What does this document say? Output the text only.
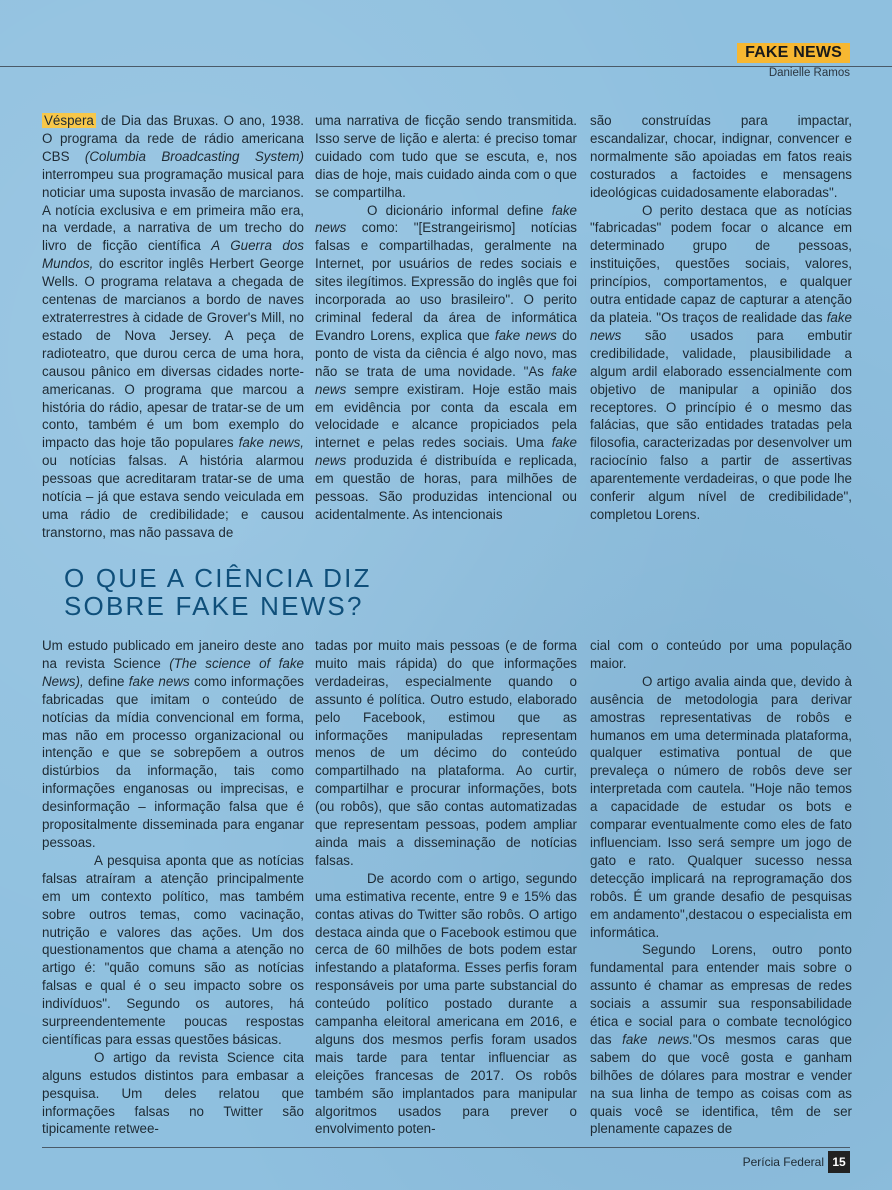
FAKE NEWS
Danielle Ramos

Véspera de Dia das Bruxas. O ano, 1938. O programa da rede de rádio americana CBS (Columbia Broadcasting System) interrompeu sua programação musical para noticiar uma suposta invasão de marcianos. A notícia exclusiva e em primeira mão era, na verdade, a narrativa de um trecho do livro de ficção científica A Guerra dos Mundos, do escritor inglês Herbert George Wells. O programa relatava a chegada de centenas de marcianos a bordo de naves extraterrestres à cidade de Grover's Mill, no estado de Nova Jersey. A peça de radioteatro, que durou cerca de uma hora, causou pânico em diversas cidades norte-americanas. O programa que marcou a história do rádio, apesar de tratar-se de um conto, também é um bom exemplo do impacto das hoje tão populares fake news, ou notícias falsas. A história alarmou pessoas que acreditaram tratar-se de uma notícia – já que estava sendo veiculada em uma rádio de credibilidade; e causou transtorno, mas não passava de

uma narrativa de ficção sendo transmitida. Isso serve de lição e alerta: é preciso tomar cuidado com tudo que se escuta, e, nos dias de hoje, mais cuidado ainda com o que se compartilha.

O dicionário informal define fake news como: "[Estrangeirismo] notícias falsas e compartilhadas, geralmente na Internet, por usuários de redes sociais e sites ilegítimos. Expressão do inglês que foi incorporada ao uso brasileiro". O perito criminal federal da área de informática Evandro Lorens, explica que fake news do ponto de vista da ciência é algo novo, mas não se trata de uma novidade. "As fake news sempre existiram. Hoje estão mais em evidência por conta da escala em velocidade e alcance propiciados pela internet e pelas redes sociais. Uma fake news produzida é distribuída e replicada, em questão de horas, para milhões de pessoas. São produzidas intencional ou acidentalmente. As intencionais

são construídas para impactar, escandalizar, chocar, indignar, convencer e normalmente são apoiadas em fatos reais costurados a factoides e mensagens ideológicas cuidadosamente elaboradas".

O perito destaca que as notícias "fabricadas" podem focar o alcance em determinado grupo de pessoas, instituições, questões sociais, valores, princípios, comportamentos, e qualquer outra entidade capaz de capturar a atenção da plateia. "Os traços de realidade das fake news são usados para embutir credibilidade, validade, plausibilidade a algum ardil elaborado essencialmente com objetivo de manipular a opinião dos receptores. O princípio é o mesmo das falácias, que são entidades tratadas pela filosofia, caracterizadas por desenvolver um raciocínio falso a partir de assertivas aparentemente verdadeiras, o que pode lhe conferir algum nível de credibilidade", completou Lorens.

O QUE A CIÊNCIA DIZ
SOBRE FAKE NEWS?

Um estudo publicado em janeiro deste ano na revista Science (The science of fake News), define fake news como informações fabricadas que imitam o conteúdo de notícias da mídia convencional em forma, mas não em processo organizacional ou intenção e que se sobrepõem a outros distúrbios da informação, tais como informações enganosas ou imprecisas, e desinformação – informação falsa que é propositalmente disseminada para enganar pessoas.

A pesquisa aponta que as notícias falsas atraíram a atenção principalmente em um contexto político, mas também sobre outros temas, como vacinação, nutrição e valores das ações. Um dos questionamentos que chama a atenção no artigo é: "quão comuns são as notícias falsas e qual é o seu impacto sobre os indivíduos". Segundo os autores, há surpreendentemente poucas respostas científicas para essas questões básicas.

O artigo da revista Science cita alguns estudos distintos para embasar a pesquisa. Um deles relatou que informações falsas no Twitter são tipicamente retwee-

tadas por muito mais pessoas (e de forma muito mais rápida) do que informações verdadeiras, especialmente quando o assunto é política. Outro estudo, elaborado pelo Facebook, estimou que as informações manipuladas representam menos de um décimo do conteúdo compartilhado na plataforma. Ao curtir, compartilhar e procurar informações, bots (ou robôs), que são contas automatizadas que representam pessoas, podem ampliar ainda mais a disseminação de notícias falsas.

De acordo com o artigo, segundo uma estimativa recente, entre 9 e 15% das contas ativas do Twitter são robôs. O artigo destaca ainda que o Facebook estimou que cerca de 60 milhões de bots podem estar infestando a plataforma. Esses perfis foram responsáveis por uma parte substancial do conteúdo político postado durante a campanha eleitoral americana em 2016, e alguns dos mesmos perfis foram usados mais tarde para tentar influenciar as eleições francesas de 2017. Os robôs também são implantados para manipular algoritmos usados para prever o envolvimento poten-

cial com o conteúdo por uma população maior.

O artigo avalia ainda que, devido à ausência de metodologia para derivar amostras representativas de robôs e humanos em uma determinada plataforma, qualquer estimativa pontual de que prevaleça o número de robôs deve ser interpretada com cautela. "Hoje não temos a capacidade de estudar os bots e comparar eventualmente como eles de fato influenciam. Isso será sempre um jogo de gato e rato. Qualquer sucesso nessa detecção implicará na reprogramação dos robôs. É um grande desafio de pesquisas em andamento",destacou o especialista em informática.

Segundo Lorens, outro ponto fundamental para entender mais sobre o assunto é chamar as empresas de redes sociais a assumir sua responsabilidade ética e social para o combate tecnológico das fake news."Os mesmos caras que sabem do que você gosta e ganham bilhões de dólares para mostrar e vender na sua linha de tempo as coisas com as quais você se identifica, têm de ser plenamente capazes de

Perícia Federal 15
